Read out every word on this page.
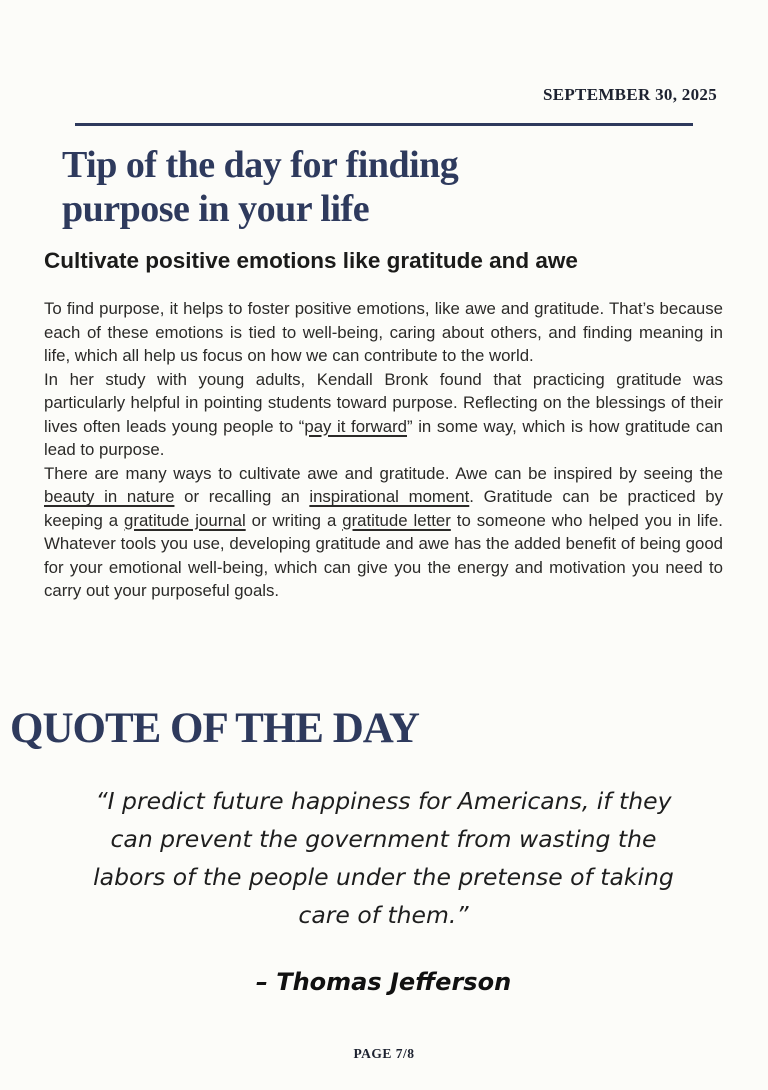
SEPTEMBER 30, 2025
Tip of the day for finding purpose in your life
Cultivate positive emotions like gratitude and awe

To find purpose, it helps to foster positive emotions, like awe and gratitude. That’s because each of these emotions is tied to well-being, caring about others, and finding meaning in life, which all help us focus on how we can contribute to the world.

In her study with young adults, Kendall Bronk found that practicing gratitude was particularly helpful in pointing students toward purpose. Reflecting on the blessings of their lives often leads young people to “pay it forward” in some way, which is how gratitude can lead to purpose.

There are many ways to cultivate awe and gratitude. Awe can be inspired by seeing the beauty in nature or recalling an inspirational moment. Gratitude can be practiced by keeping a gratitude journal or writing a gratitude letter to someone who helped you in life. Whatever tools you use, developing gratitude and awe has the added benefit of being good for your emotional well-being, which can give you the energy and motivation you need to carry out your purposeful goals.

QUOTE OF THE DAY

“I predict future happiness for Americans, if they can prevent the government from wasting the labors of the people under the pretense of taking care of them.”

– Thomas Jefferson

PAGE 7/8
